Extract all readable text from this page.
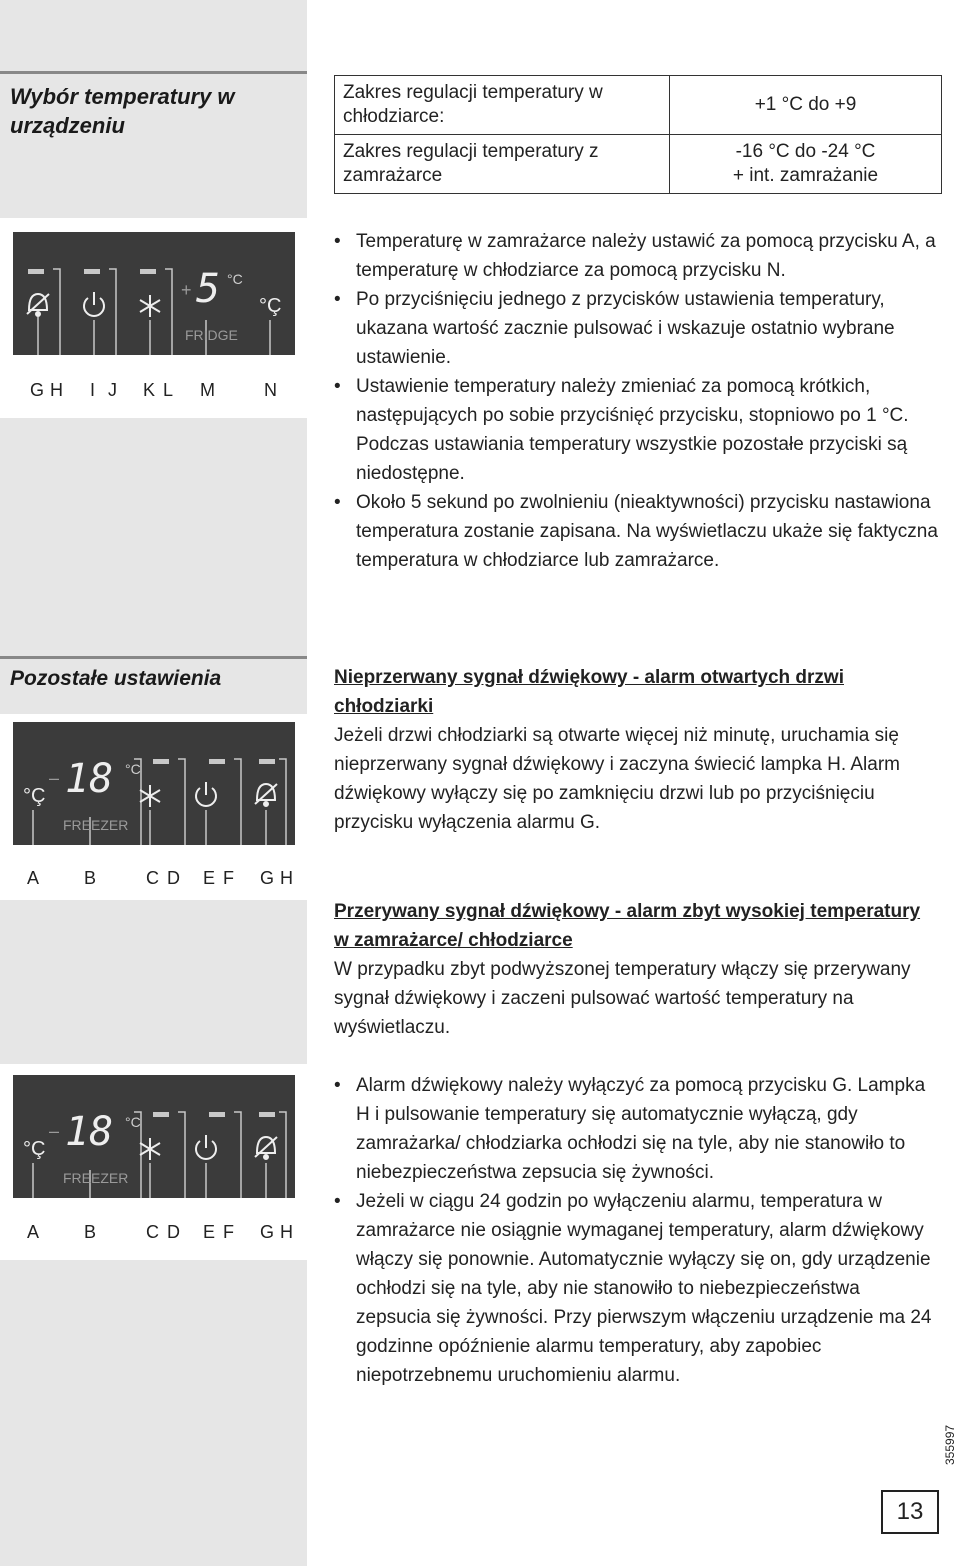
Wybór temperatury w urządzeniu
Zakres regulacji temperatury w chłodziarce:	+1 °C do +9
Zakres regulacji temperatury z zamrażarce	-16 °C do -24 °C
+ int. zamrażanie
+ 5 °C
FRIDGE
°Ç
G H I J K L M	N
• Temperaturę w zamrażarce należy ustawić za pomocą przycisku A, a temperaturę w chłodziarce za pomocą przycisku N.
• Po przyciśnięciu jednego z przycisków ustawienia temperatury, ukazana wartość zacznie pulsować i wskazuje ostatnio wybrane ustawienie.
• Ustawienie temperatury należy zmieniać za pomocą krótkich, następujących po sobie przyciśnięć przycisku, stopniowo po 1 °C. Podczas ustawiania temperatury wszystkie pozostałe przyciski są niedostępne.
• Około 5 sekund po zwolnieniu (nieaktywności) przycisku nastawiona temperatura zostanie zapisana. Na wyświetlaczu ukaże się faktyczna temperatura w chłodziarce lub zamrażarce.
Pozostałe ustawienia
°Ç
– 18 °C
FREEZER
A B	C D E F G H

Nieprzerwany sygnał dźwiękowy - alarm otwartych drzwi chłodziarki
Jeżeli drzwi chłodziarki są otwarte więcej niż minutę, uruchamia się nieprzerwany sygnał dźwiękowy i zaczyna świecić lampka H. Alarm dźwiękowy wyłączy się po zamknięciu drzwi lub po przyciśnięciu przycisku wyłączenia alarmu G.

Przerywany sygnał dźwiękowy - alarm zbyt wysokiej temperatury w zamrażarce/ chłodziarce
W przypadku zbyt podwyższonej temperatury włączy się przerywany sygnał dźwiękowy i zaczeni pulsować wartość temperatury na wyświetlaczu.

°Ç
– 18 °C
FREEZER
A B	C D E F G H
• Alarm dźwiękowy należy wyłączyć za pomocą przycisku G. Lampka H i pulsowanie temperatury się automatycznie wyłączą, gdy zamrażarka/ chłodziarka ochłodzi się na tyle, aby nie stanowiło to niebezpieczeństwa zepsucia się żywności.
• Jeżeli w ciągu 24 godzin po wyłączeniu alarmu, temperatura w zamrażarce nie osiągnie wymaganej temperatury, alarm dźwiękowy włączy się ponownie. Automatycznie wyłączy się on, gdy urządzenie ochłodzi się na tyle, aby nie stanowiło to niebezpieczeństwa zepsucia się żywności. Przy pierwszym włączeniu urządzenie ma 24 godzinne opóźnienie alarmu temperatury, aby zapobiec niepotrzebnemu uruchomieniu alarmu.
355997
13
